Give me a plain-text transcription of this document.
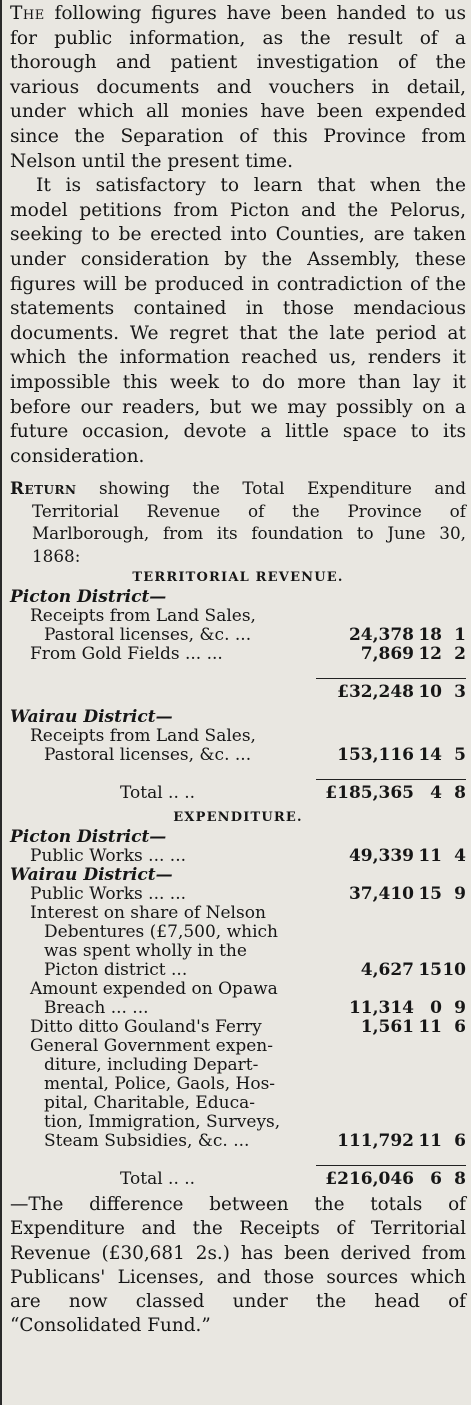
The following figures have been handed to us for public information, as the result of a thorough and patient investigation of the various documents and vouchers in detail, under which all monies have been expended since the Separation of this Province from Nelson until the present time.

It is satisfactory to learn that when the model petitions from Picton and the Pelorus, seeking to be erected into Counties, are taken under consideration by the Assembly, these figures will be produced in contradiction of the statements contained in those mendacious documents. We regret that the late period at which the information reached us, renders it impossible this week to do more than lay it before our readers, but we may possibly on a future occasion, devote a little space to its consideration.

Return showing the Total Expenditure and Territorial Revenue of the Province of Marlborough, from its foundation to June 30, 1868:

TERRITORIAL REVENUE.
Picton District—
Receipts from Land Sales,
Pastoral licenses, &c. ...	24,378 18 1
From Gold Fields ... ...	7,869 12 2
£32,248 10 3
Wairau District—
Receipts from Land Sales,
Pastoral licenses, &c. ...	153,116 14 5
Total .. ..	£185,365 4 8
EXPENDITURE.
Picton District—
Public Works ... ...	49,339 11 4
Wairau District—
Public Works ... ...	37,410 15 9
Interest on share of Nelson
Debentures (£7,500, which
was spent wholly in the
Picton district ...	4,627 15 10
Amount expended on Opawa
Breach ... ...	11,314 0 9
Ditto ditto Gouland's Ferry	1,561 11 6
General Government expen-
diture, including Depart-
mental, Police, Gaols, Hos-
pital, Charitable, Educa-
tion, Immigration, Surveys,
Steam Subsidies, &c. ...	111,792 11 6
Total .. ..	£216,046 6 8

—The difference between the totals of Expenditure and the Receipts of Territorial Revenue (£30,681 2s.) has been derived from Publicans' Licenses, and those sources which are now classed under the head of “Consolidated Fund.”
